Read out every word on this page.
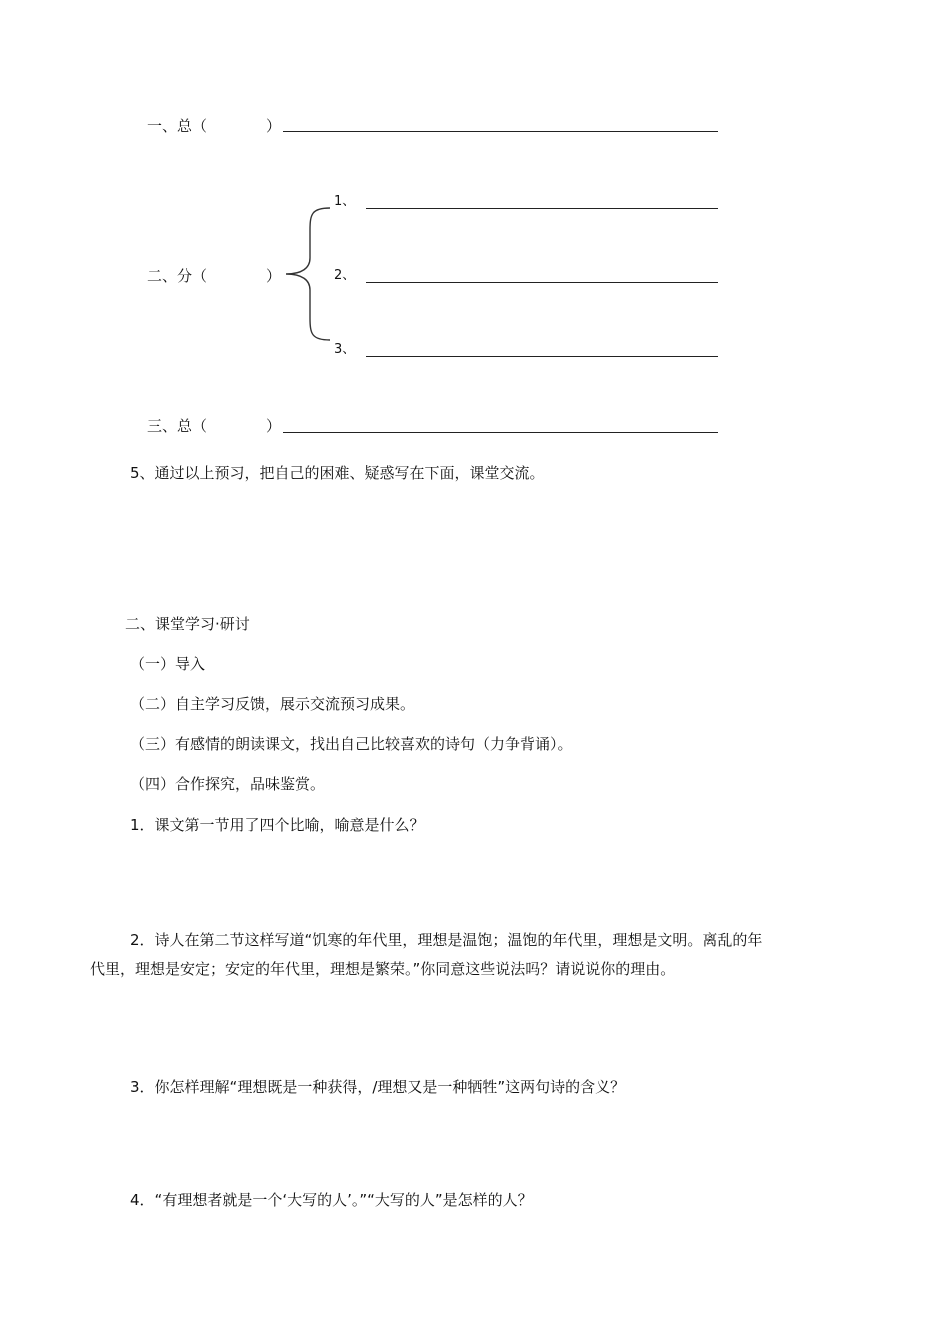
一、总（	）
二、分（	）
1、
2、
3、
三、总（	）
5、通过以上预习，把自己的困难、疑惑写在下面，课堂交流。
二、课堂学习·研讨
（一）导入
（二）自主学习反馈，展示交流预习成果。
（三）有感情的朗读课文，找出自己比较喜欢的诗句（力争背诵）。
（四）合作探究，品味鉴赏。
1．课文第一节用了四个比喻，喻意是什么？
2．诗人在第二节这样写道“饥寒的年代里，理想是温饱；温饱的年代里，理想是文明。离乱的年
代里，理想是安定；安定的年代里，理想是繁荣。”你同意这些说法吗？请说说你的理由。
3．你怎样理解“理想既是一种获得，/理想又是一种牺牲”这两句诗的含义？
4．“有理想者就是一个‘大写的人’。”“大写的人”是怎样的人？
